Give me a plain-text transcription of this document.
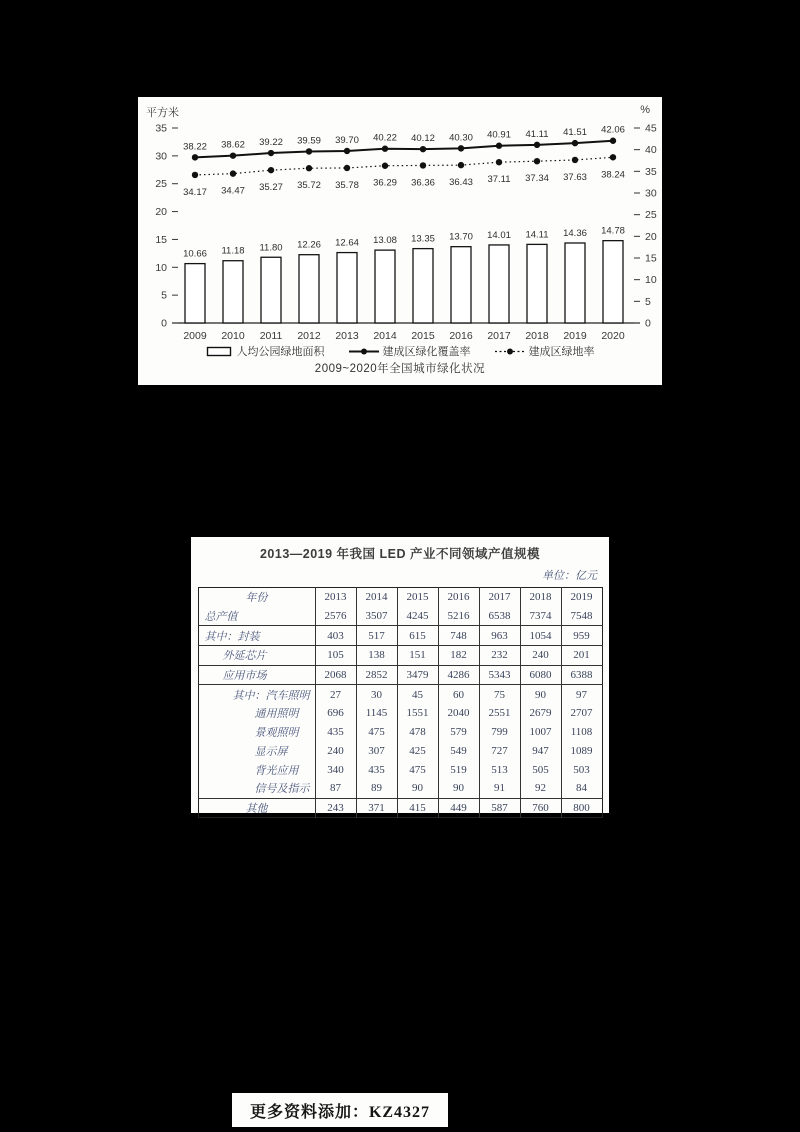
平方米	%
0
5
10
15
20
25
30
35
0
5
10
15
20
25
30
35
40
45
2009 2010 2011 2012 2013 2014 2015 2016 2017 2018 2019 2020
10.66 11.18 11.80 12.26 12.64 13.08 13.35 13.70 14.01 14.11 14.36 14.78
34.17 34.47 35.27 35.72 35.78 36.29 36.36 36.43 37.11 37.34 37.63 38.24
38.22 38.62 39.22 39.59 39.70 40.22 40.12 40.30 40.91 41.11 41.51 42.06
人均公园绿地面积	建成区绿化覆盖率	建成区绿地率
2009~2020年全国城市绿化状况
2013—2019 年我国 LED 产业不同领域产值规模
单位：亿元
年份	2013	2014	2015	2016	2017	2018	2019
总产值	2576	3507	4245	5216	6538	7374	7548
其中：封装	403	517	615	748	963	1054	959
外延芯片	105	138	151	182	232	240	201
应用市场	2068	2852	3479	4286	5343	6080	6388
其中：汽车照明	27	30	45	60	75	90	97
通用照明	696	1145	1551	2040	2551	2679	2707
景观照明	435	475	478	579	799	1007	1108
显示屏	240	307	425	549	727	947	1089
背光应用	340	435	475	519	513	505	503
信号及指示	87	89	90	90	91	92	84
其他	243	371	415	449	587	760	800
更多资料添加：KZ4327
